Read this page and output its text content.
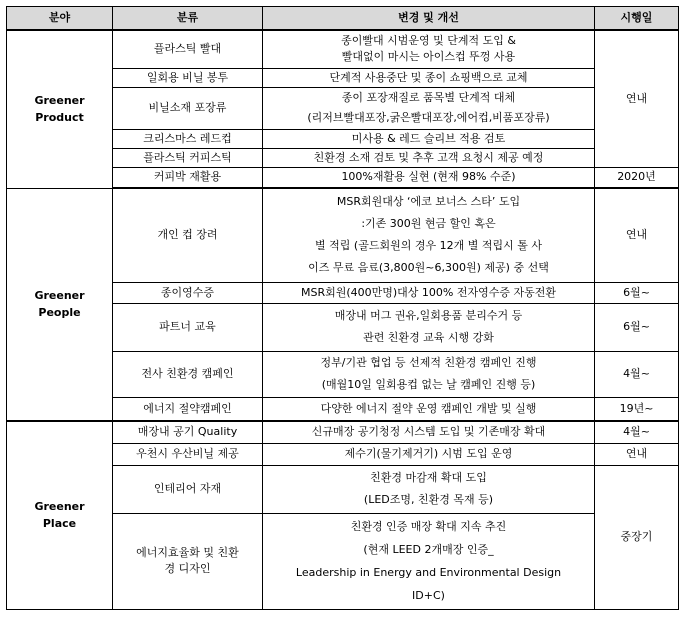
분야	분류	변경 및 개선	시행일

Greener
Product	플라스틱 빨대	종이빨대 시범운영 및 단계적 도입 &
빨대없이 마시는 아이스컵 뚜껑 사용	연내

	일회용 비닐 봉투	단계적 사용중단 및 종이 쇼핑백으로 교체	

	비닐소재 포장류	종이 포장재질로 품목별 단계적 대체
(리저브빨대포장,굵은빨대포장,에어컵,비품포장류)	

	크리스마스 레드컵	미사용 & 레드 슬리브 적용 검토	

	플라스틱 커피스틱	친환경 소재 검토 및 추후 고객 요청시 제공 예정	

	커피박 재활용	100%재활용 실현 (현재 98% 수준)	2020년

Greener
People	개인 컵 장려	MSR회원대상 ‘에코 보너스 스타’ 도입
:기존 300원 현금 할인 혹은
별 적립 (골드회원의 경우 12개 별 적립시 톨 사
이즈 무료 음료(3,800원~6,300원) 제공) 중 선택	연내

	종이영수증	MSR회원(400만명)대상 100% 전자영수증 자동전환	6월~

	파트너 교육	매장내 머그 권유,일회용품 분리수거 등
관련 친환경 교육 시행 강화	6월~

	전사 친환경 캠페인	정부/기관 협업 등 선제적 친환경 캠페인 진행
(매월10일 일회용컵 없는 날 캠페인 진행 등)	4월~

	에너지 절약캠페인	다양한 에너지 절약 운영 캠페인 개발 및 실행	19년~

Greener
Place	매장내 공기 Quality	신규매장 공기청정 시스템 도입 및 기존매장 확대	4월~

	우천시 우산비닐 제공	제수기(물기제거기) 시범 도입 운영	연내

	인테리어 자재	친환경 마감재 확대 도입
(LED조명, 친환경 목재 등)	중장기

	에너지효율화 및 친환
경 디자인	친환경 인증 매장 확대 지속 추진
(현재 LEED 2개매장 인증_
Leadership in Energy and Environmental Design
ID+C)	
